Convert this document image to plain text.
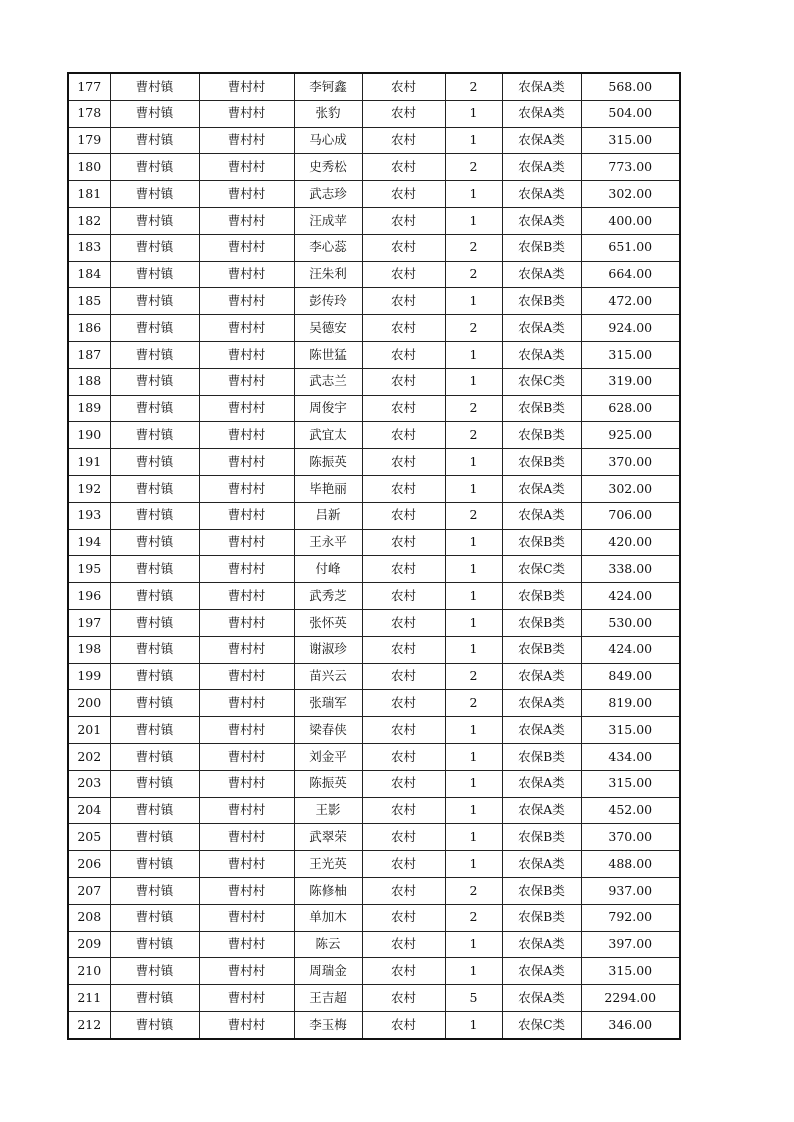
177	曹村镇	曹村村	李钶鑫	农村	2	农保A类	568.00
178	曹村镇	曹村村	张豹	农村	1	农保A类	504.00
179	曹村镇	曹村村	马心成	农村	1	农保A类	315.00
180	曹村镇	曹村村	史秀松	农村	2	农保A类	773.00
181	曹村镇	曹村村	武志珍	农村	1	农保A类	302.00
182	曹村镇	曹村村	汪成苹	农村	1	农保A类	400.00
183	曹村镇	曹村村	李心蕊	农村	2	农保B类	651.00
184	曹村镇	曹村村	汪朱利	农村	2	农保A类	664.00
185	曹村镇	曹村村	彭传玲	农村	1	农保B类	472.00
186	曹村镇	曹村村	吴德安	农村	2	农保A类	924.00
187	曹村镇	曹村村	陈世猛	农村	1	农保A类	315.00
188	曹村镇	曹村村	武志兰	农村	1	农保C类	319.00
189	曹村镇	曹村村	周俊宇	农村	2	农保B类	628.00
190	曹村镇	曹村村	武宜太	农村	2	农保B类	925.00
191	曹村镇	曹村村	陈振英	农村	1	农保B类	370.00
192	曹村镇	曹村村	毕艳丽	农村	1	农保A类	302.00
193	曹村镇	曹村村	吕新	农村	2	农保A类	706.00
194	曹村镇	曹村村	王永平	农村	1	农保B类	420.00
195	曹村镇	曹村村	付峰	农村	1	农保C类	338.00
196	曹村镇	曹村村	武秀芝	农村	1	农保B类	424.00
197	曹村镇	曹村村	张怀英	农村	1	农保B类	530.00
198	曹村镇	曹村村	谢淑珍	农村	1	农保B类	424.00
199	曹村镇	曹村村	苗兴云	农村	2	农保A类	849.00
200	曹村镇	曹村村	张瑞军	农村	2	农保A类	819.00
201	曹村镇	曹村村	梁春侠	农村	1	农保A类	315.00
202	曹村镇	曹村村	刘金平	农村	1	农保B类	434.00
203	曹村镇	曹村村	陈振英	农村	1	农保A类	315.00
204	曹村镇	曹村村	王影	农村	1	农保A类	452.00
205	曹村镇	曹村村	武翠荣	农村	1	农保B类	370.00
206	曹村镇	曹村村	王光英	农村	1	农保A类	488.00
207	曹村镇	曹村村	陈修柚	农村	2	农保B类	937.00
208	曹村镇	曹村村	单加木	农村	2	农保B类	792.00
209	曹村镇	曹村村	陈云	农村	1	农保A类	397.00
210	曹村镇	曹村村	周瑞金	农村	1	农保A类	315.00
211	曹村镇	曹村村	王吉超	农村	5	农保A类	2294.00
212	曹村镇	曹村村	李玉梅	农村	1	农保C类	346.00
